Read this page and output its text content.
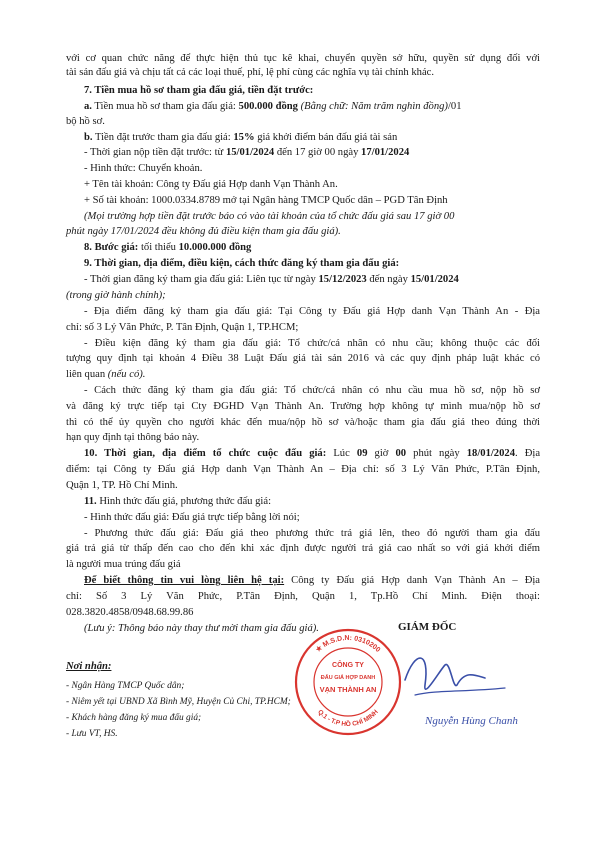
với cơ quan chức năng để thực hiện thủ tục kê khai, chuyển quyền sở hữu, quyền sử dụng đối với
tài sản đấu giá và chịu tất cả các loại thuế, phí, lệ phí cùng các nghĩa vụ tài chính khác.
7. Tiền mua hồ sơ tham gia đấu giá, tiền đặt trước:
a. Tiền mua hồ sơ tham gia đấu giá: 500.000 đồng (Bằng chữ: Năm trăm nghìn đồng)/01
bộ hồ sơ.
b. Tiền đặt trước tham gia đấu giá: 15% giá khởi điểm bán đấu giá tài sản
- Thời gian nộp tiền đặt trước: từ 15/01/2024 đến 17 giờ 00 ngày 17/01/2024
- Hình thức: Chuyển khoản.
+ Tên tài khoản: Công ty Đấu giá Hợp danh Vạn Thành An.
+ Số tài khoản: 1000.0334.8789 mở tại Ngân hàng TMCP Quốc dân – PGD Tân Định
(Mọi trường hợp tiền đặt trước báo có vào tài khoản của tổ chức đấu giá sau 17 giờ 00
phút ngày 17/01/2024 đều không đủ điều kiện tham gia đấu giá).
8. Bước giá: tối thiểu 10.000.000 đồng
9. Thời gian, địa điểm, điều kiện, cách thức đăng ký tham gia đấu giá:
- Thời gian đăng ký tham gia đấu giá: Liên tục từ ngày 15/12/2023 đến ngày 15/01/2024
(trong giờ hành chính);
- Địa điểm đăng ký tham gia đấu giá: Tại Công ty Đấu giá Hợp danh Vạn Thành An - Địa
chỉ: số 3 Lý Văn Phức, P. Tân Định, Quận 1, TP.HCM;
- Điều kiện đăng ký tham gia đấu giá: Tổ chức/cá nhân có nhu cầu; không thuộc các đối
tượng quy định tại khoản 4 Điều 38 Luật Đấu giá tài sản 2016 và các quy định pháp luật khác có
liên quan (nếu có).
- Cách thức đăng ký tham gia đấu giá: Tổ chức/cá nhân có nhu cầu mua hồ sơ, nộp hồ sơ
và đăng ký trực tiếp tại Cty ĐGHD Vạn Thành An. Trường hợp không tự mình mua/nộp hồ sơ
thì có thể ủy quyền cho người khác đến mua/nộp hồ sơ và/hoặc tham gia đấu giá theo đúng thời
hạn quy định tại thông báo này.
10. Thời gian, địa điểm tổ chức cuộc đấu giá: Lúc 09 giờ 00 phút ngày 18/01/2024. Địa
điểm: tại Công ty Đấu giá Hợp danh Vạn Thành An – Địa chỉ: số 3 Lý Văn Phức, P.Tân Định,
Quận 1, TP. Hồ Chí Minh.
11. Hình thức đấu giá, phương thức đấu giá:
- Hình thức đấu giá: Đấu giá trực tiếp bằng lời nói;
- Phương thức đấu giá: Đấu giá theo phương thức trả giá lên, theo đó người tham gia đấu
giá trả giá từ thấp đến cao cho đến khi xác định được người trả giá cao nhất so với giá khởi điểm
là người mua trúng đấu giá
Để biết thông tin vui lòng liên hệ tại: Công ty Đấu giá Hợp danh Vạn Thành An – Địa
chỉ: Số 3 Lý Văn Phức, P.Tân Định, Quận 1, Tp.Hồ Chí Minh. Điện thoại:
028.3820.4858/0948.68.99.86
(Lưu ý: Thông báo này thay thư mời tham gia đấu giá).	GIÁM ĐỐC
★ M.S.D.N: 0310200
Q.1 - T.P HỒ CHÍ MINH
CÔNG TY
ĐẤU GIÁ HỢP DANH
VẠN THÀNH AN
Nguyễn Hùng Chanh
Nơi nhận:
- Ngân Hàng TMCP Quốc dân;
- Niêm yết tại UBND Xã Bình Mỹ, Huyện Củ Chi, TP.HCM;
- Khách hàng đăng ký mua đấu giá;
- Lưu VT, HS.
